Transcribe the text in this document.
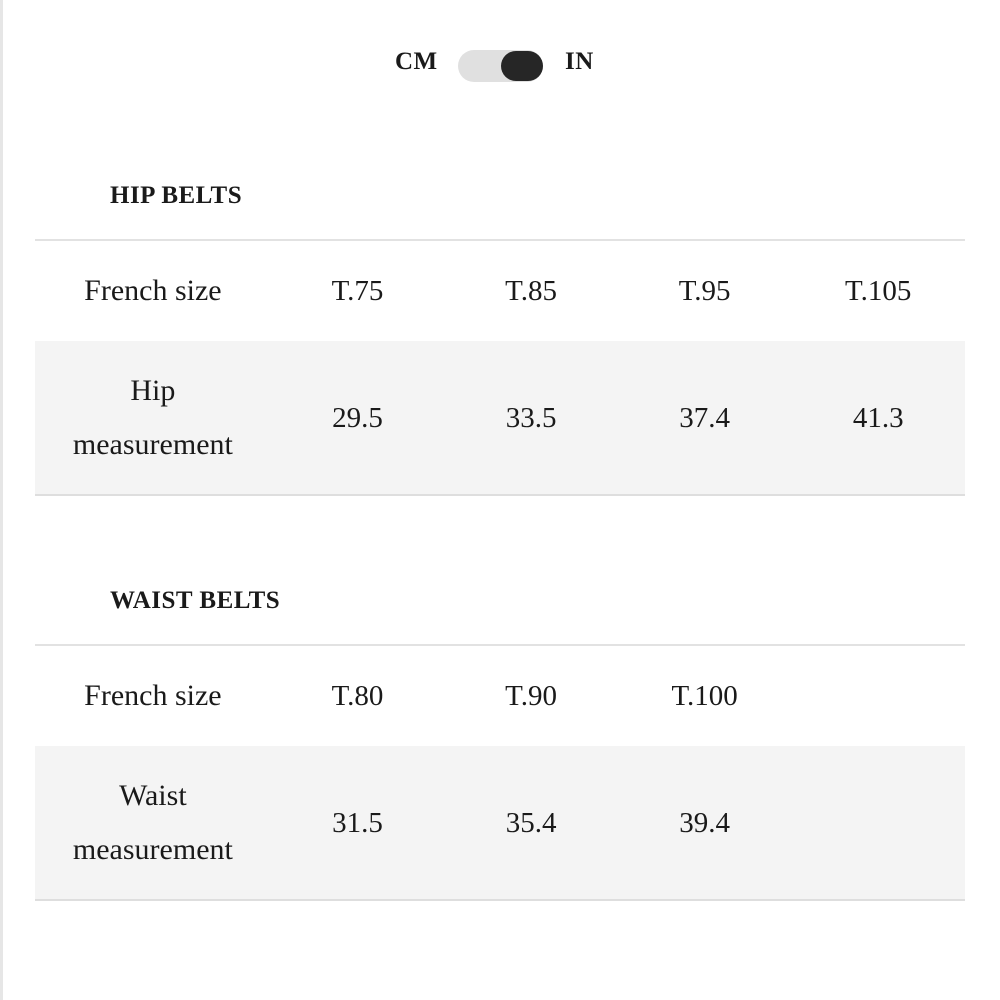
CM	IN
HIP BELTS
French size	T.75	T.85	T.95	T.105
Hip measurement	29.5	33.5	37.4	41.3
WAIST BELTS
French size	T.80	T.90	T.100	
Waist measurement	31.5	35.4	39.4	
